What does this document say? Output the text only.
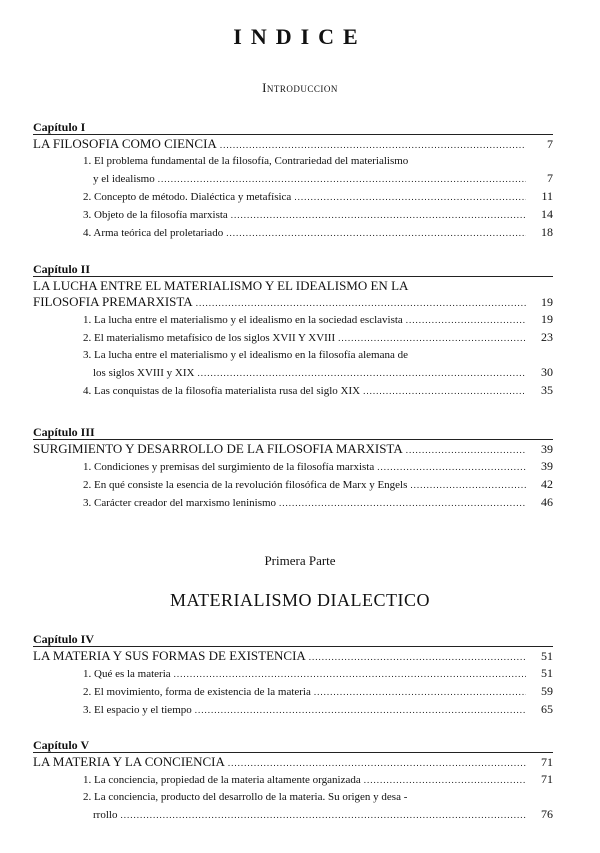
INDICE
Introduccion
Capítulo I
LA FILOSOFIA COMO CIENCIA .....	7
1. El problema fundamental de la filosofía, Contrariedad del materialismo
y el idealismo .....	7
2. Concepto de método. Dialéctica y metafísica .....	11
3. Objeto de la filosofía marxista .....	14
4. Arma teórica del proletariado .....	18
Capítulo II
LA LUCHA ENTRE EL MATERIALISMO Y EL IDEALISMO EN LA
FILOSOFIA PREMARXISTA .....	19
1. La lucha entre el materialismo y el idealismo en la sociedad esclavista .....	19
2. El materialismo metafísico de los siglos XVII Y XVIII .....	23
3. La lucha entre el materialismo y el idealismo en la filosofía alemana de
los siglos XVIII y XIX .....	30
4. Las conquistas de la filosofía materialista rusa del siglo XIX .....	35
Capítulo III
SURGIMIENTO Y DESARROLLO DE LA FILOSOFIA MARXISTA .....	39
1. Condiciones y premisas del surgimiento de la filosofía marxista .....	39
2. En qué consiste la esencia de la revolución filosófica de Marx y Engels .....	42
3. Carácter creador del marxismo leninismo .....	46
Primera Parte
MATERIALISMO DIALECTICO
Capítulo IV
LA MATERIA Y SUS FORMAS DE EXISTENCIA .....	51
1. Qué es la materia .....	51
2. El movimiento, forma de existencia de la materia .....	59
3. El espacio y el tiempo .....	65
Capítulo V
LA MATERIA Y LA CONCIENCIA .....	71
1. La conciencia, propiedad de la materia altamente organizada .....	71
2. La conciencia, producto del desarrollo de la materia. Su origen y desa -
rrollo .....	76
